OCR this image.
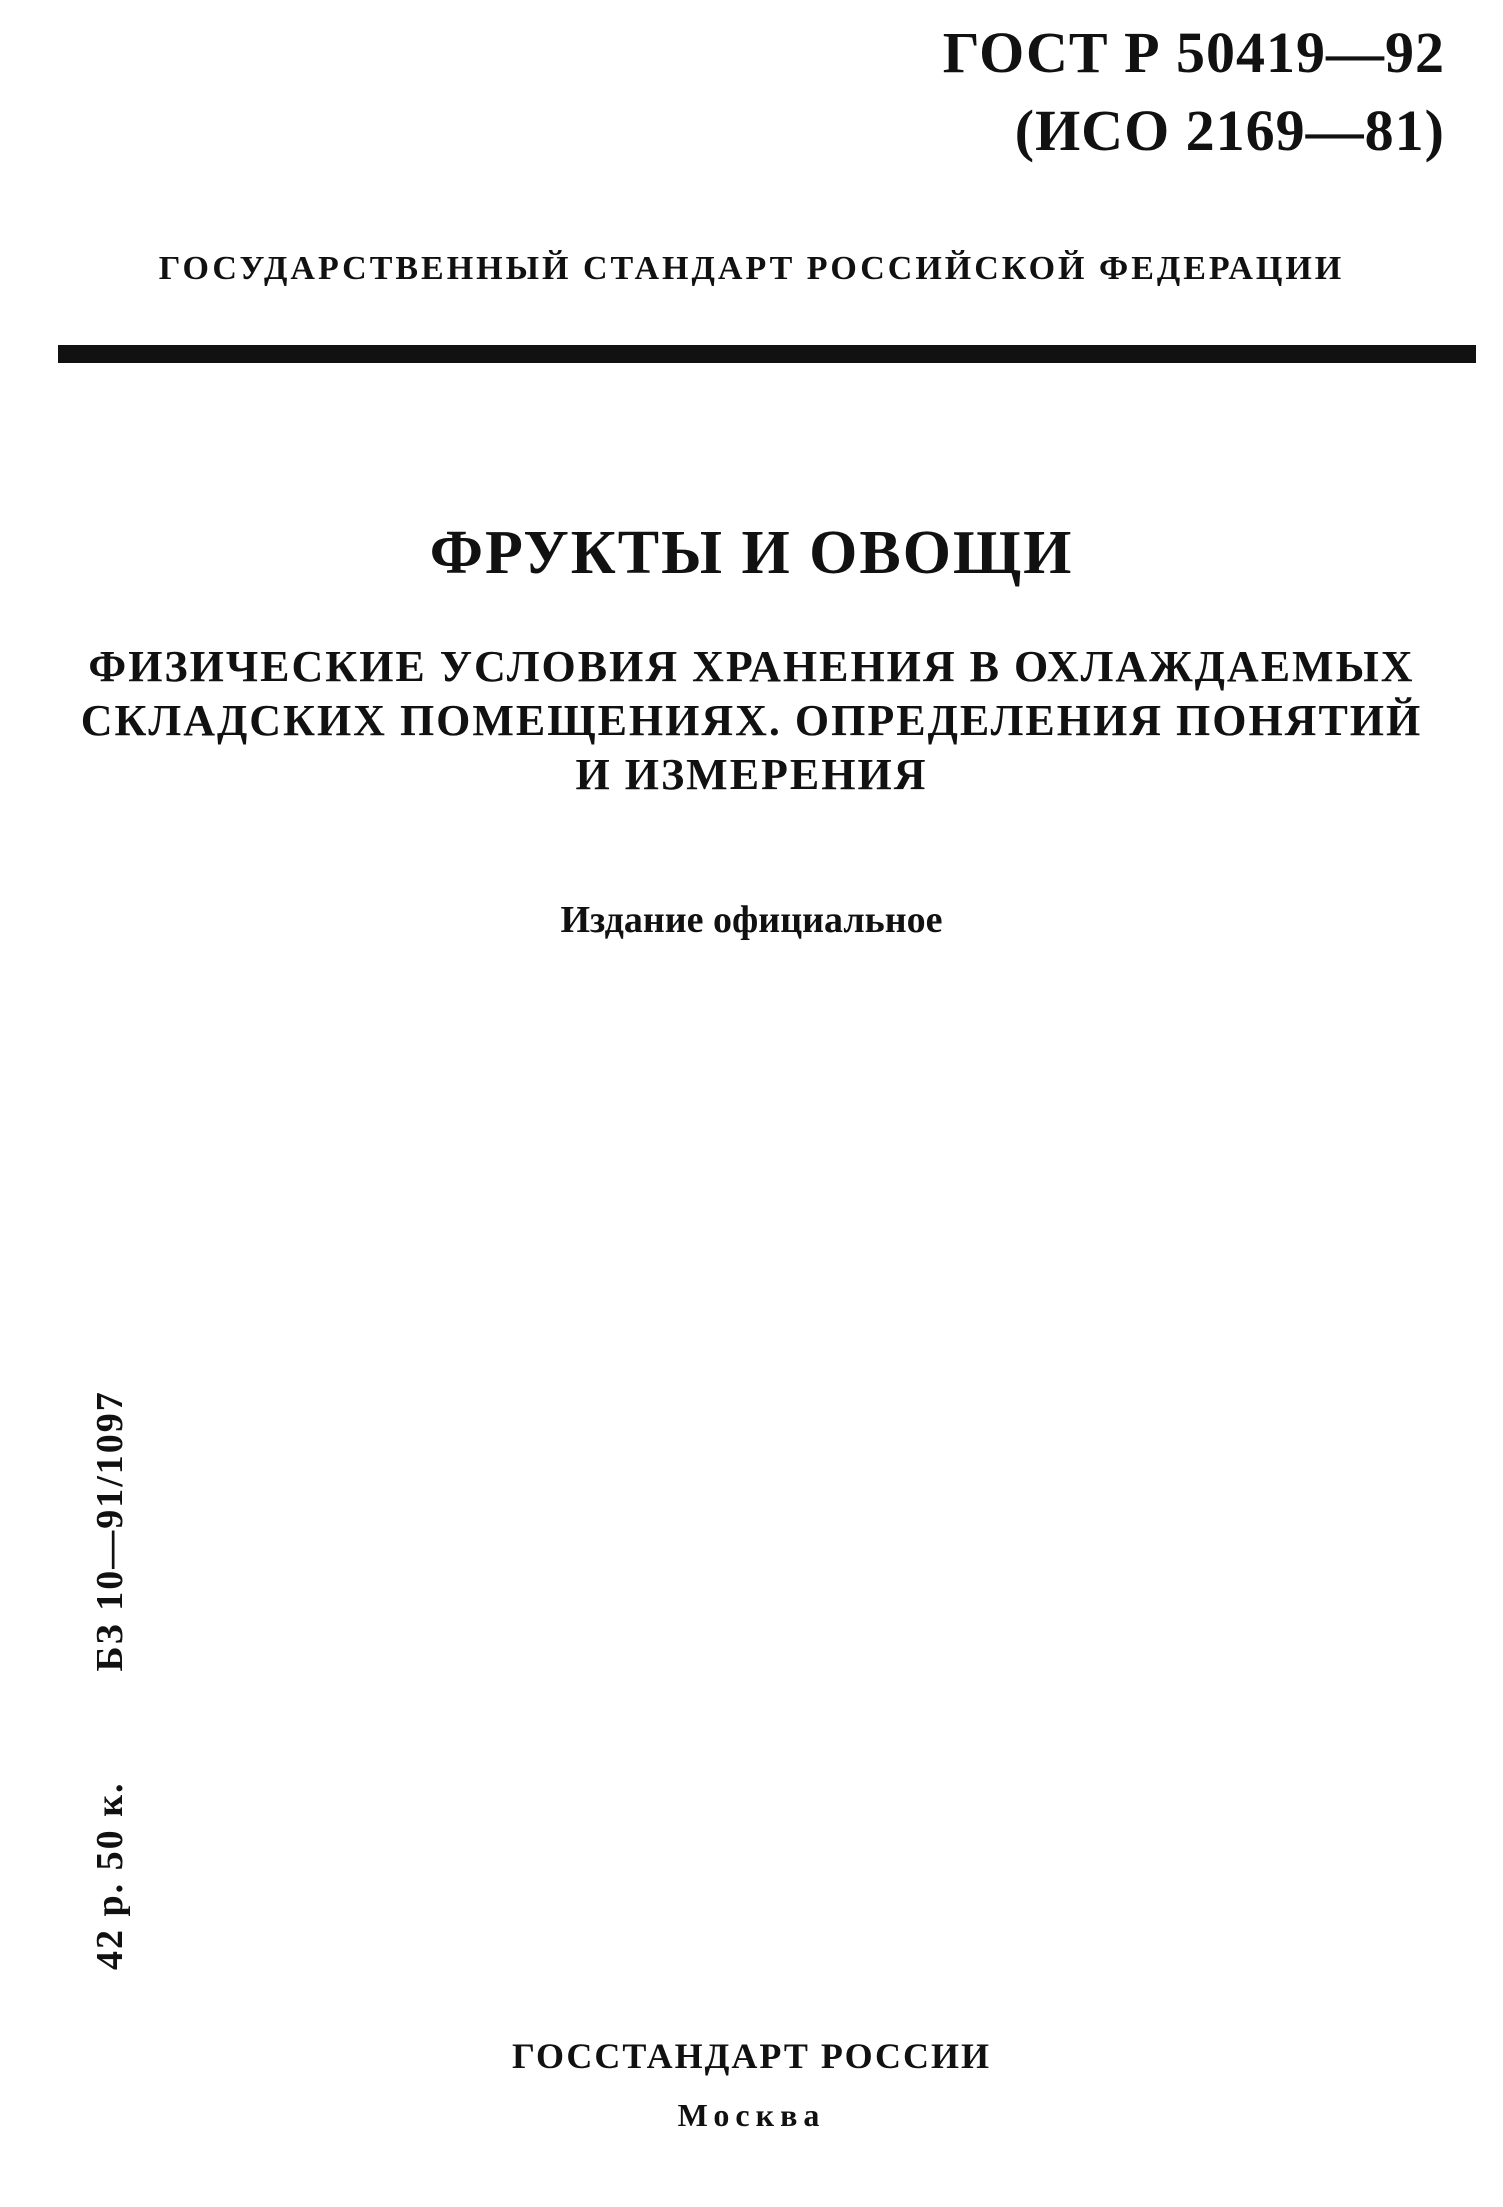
ГОСТ Р 50419—92
(ИСО 2169—81)
ГОСУДАРСТВЕННЫЙ СТАНДАРТ РОССИЙСКОЙ ФЕДЕРАЦИИ
ФРУКТЫ И ОВОЩИ
ФИЗИЧЕСКИЕ УСЛОВИЯ ХРАНЕНИЯ В ОХЛАЖДАЕМЫХ
СКЛАДСКИХ ПОМЕЩЕНИЯХ. ОПРЕДЕЛЕНИЯ ПОНЯТИЙ
И ИЗМЕРЕНИЯ
Издание официальное
42 р. 50 к.БЗ 10—91/1097
ГОССТАНДАРТ РОССИИ
Москва
